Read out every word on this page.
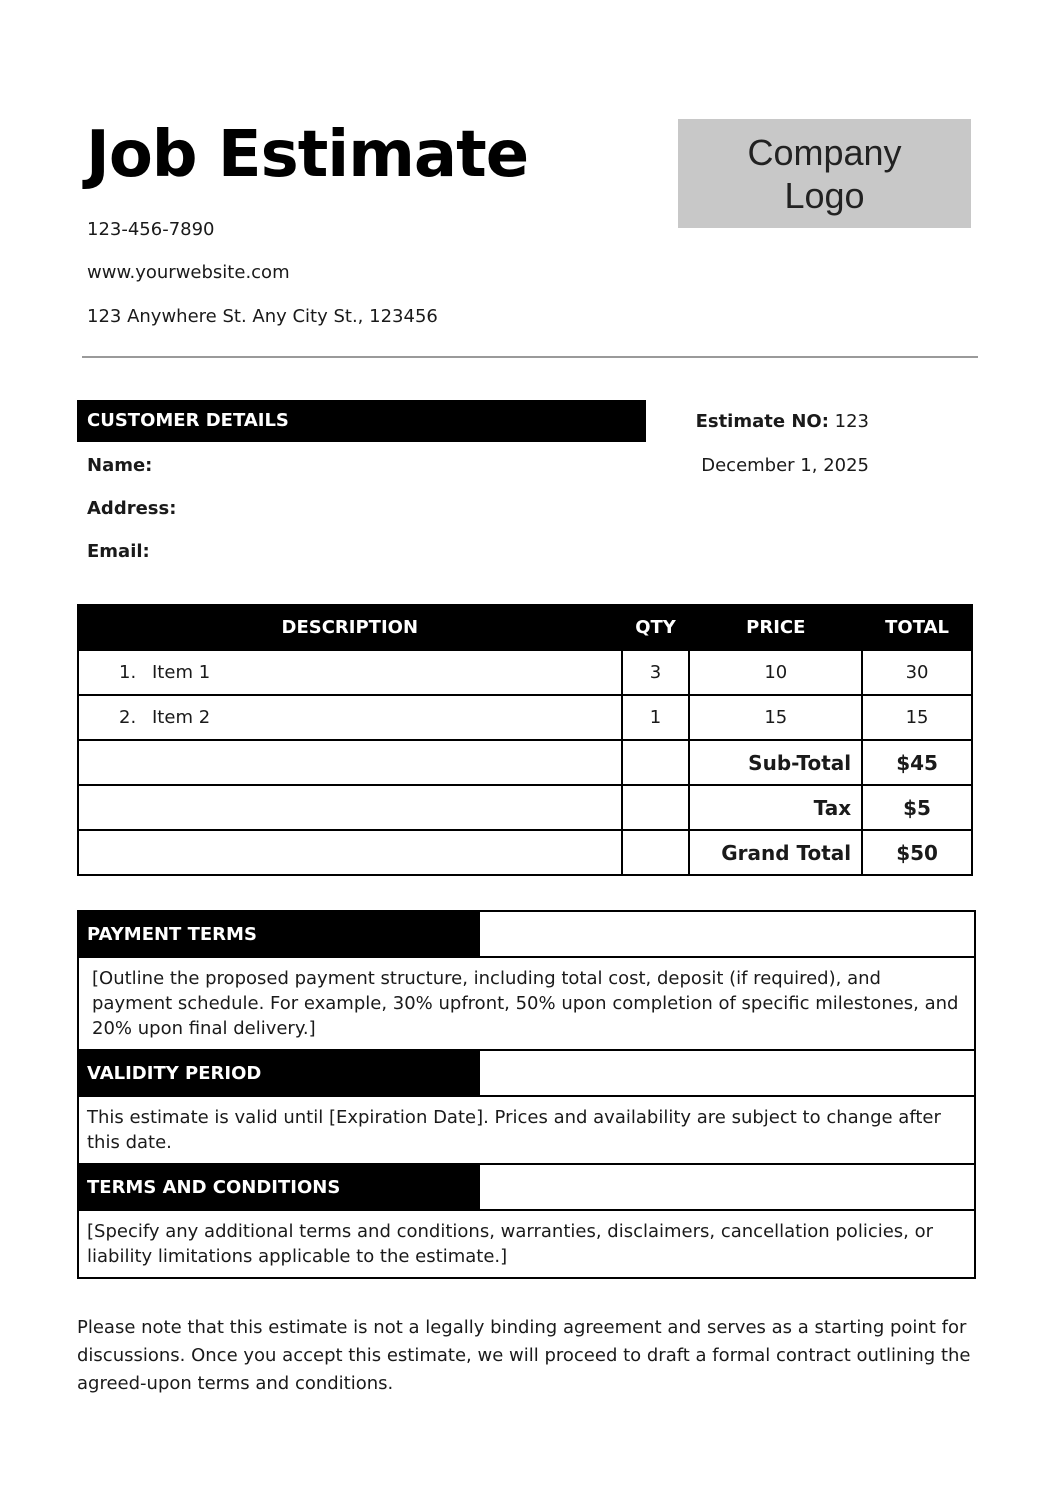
Job Estimate
123-456-7890
www.yourwebsite.com
123 Anywhere St. Any City St., 123456
Company
Logo
CUSTOMER DETAILS
Name:
Address:
Email:
Estimate NO: 123
December 1, 2025
DESCRIPTION	QTY	PRICE	TOTAL
1. Item 1	3	10	30
2. Item 2	1	15	15
		Sub-Total	$45
		Tax	$5
		Grand Total	$50
PAYMENT TERMS
[Outline the proposed payment structure, including total cost, deposit (if required), and payment schedule. For example, 30% upfront, 50% upon completion of specific milestones, and 20% upon final delivery.]
VALIDITY PERIOD
This estimate is valid until [Expiration Date]. Prices and availability are subject to change after this date.
TERMS AND CONDITIONS
[Specify any additional terms and conditions, warranties, disclaimers, cancellation policies, or liability limitations applicable to the estimate.]
Please note that this estimate is not a legally binding agreement and serves as a starting point for discussions. Once you accept this estimate, we will proceed to draft a formal contract outlining the agreed-upon terms and conditions.
